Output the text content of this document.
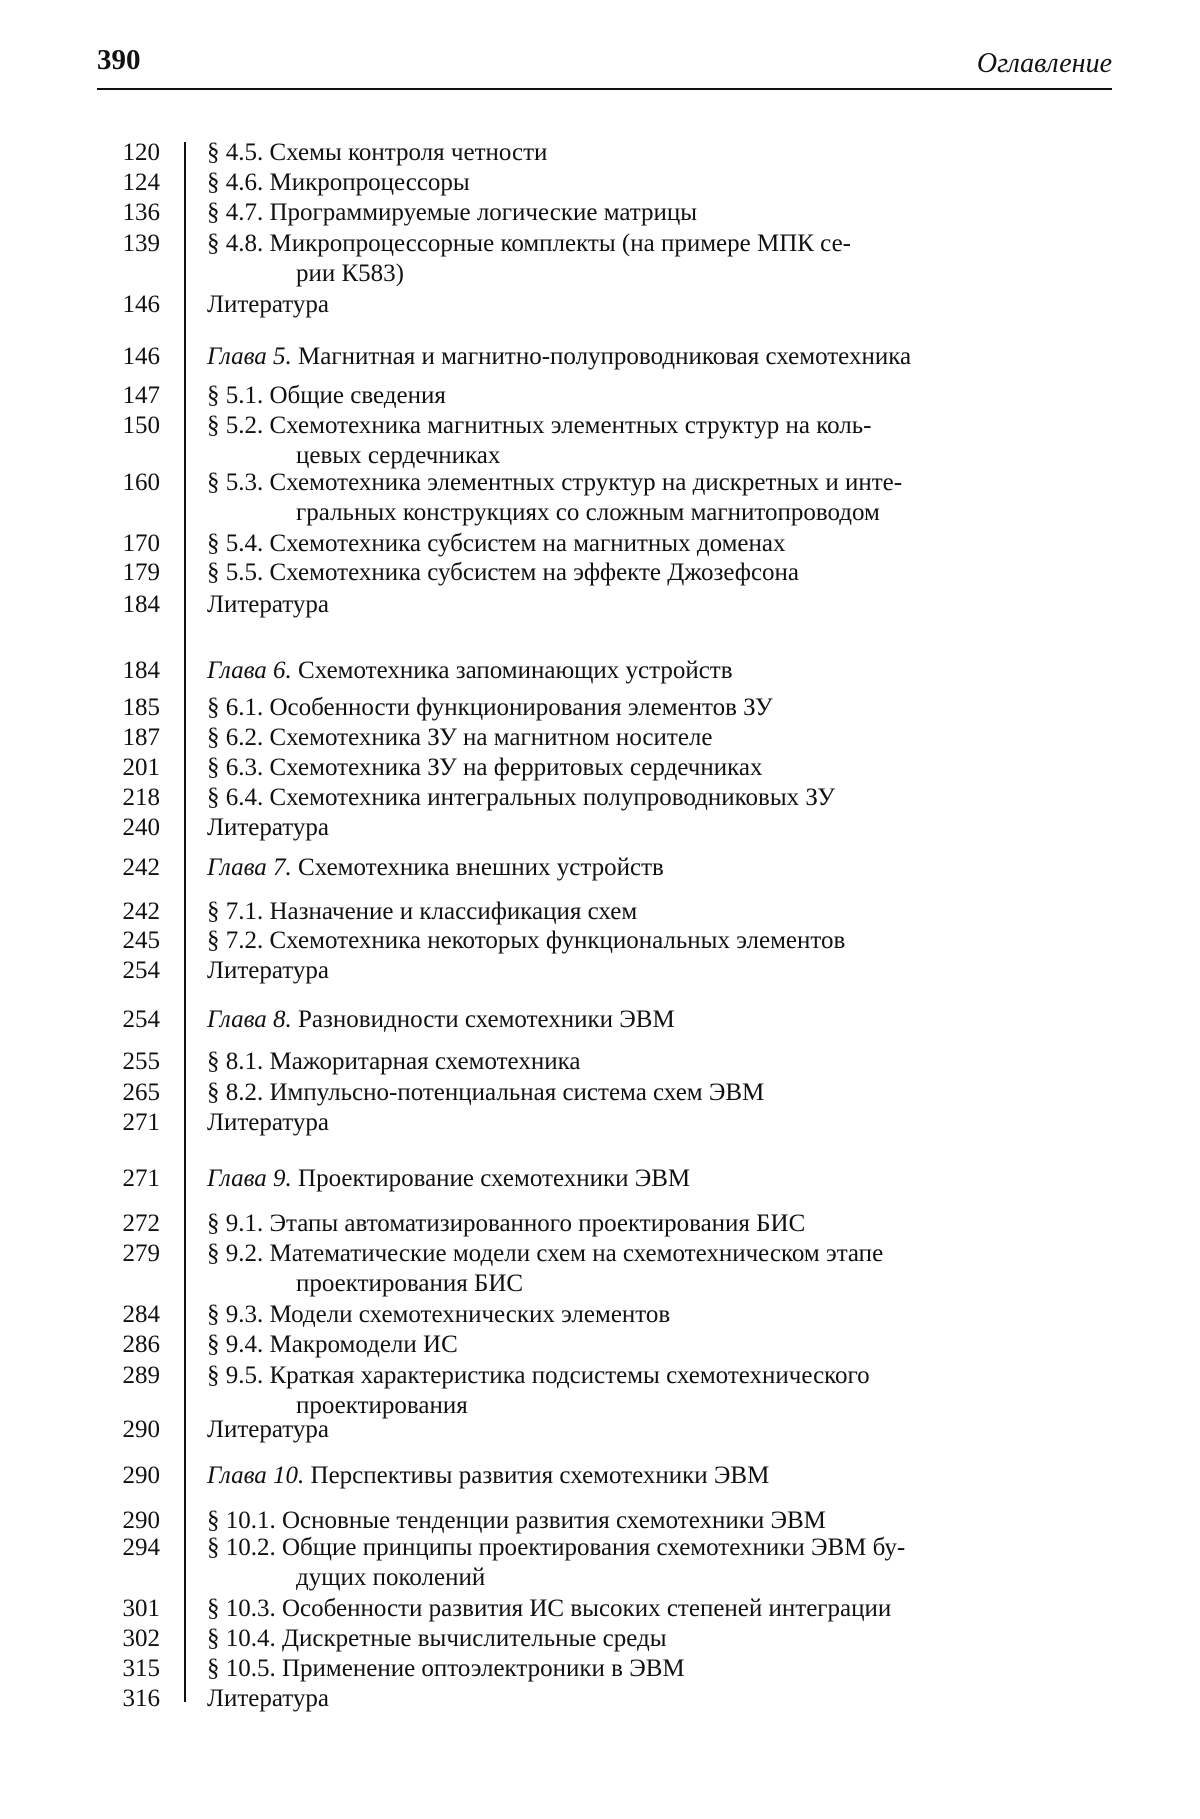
390	Оглавление
120 § 4.5. Схемы контроля четности
124 § 4.6. Микропроцессоры
136 § 4.7. Программируемые логические матрицы
139 § 4.8. Микропроцессорные комплекты (на примере МПК се-
рии К583)
146 Литература
146 Глава 5. Магнитная и магнитно-полупроводниковая схемотехника
147 § 5.1. Общие сведения
150 § 5.2. Схемотехника магнитных элементных структур на коль-
цевых сердечниках
160 § 5.3. Схемотехника элементных структур на дискретных и инте-
гральных конструкциях со сложным магнитопроводом
170 § 5.4. Схемотехника субсистем на магнитных доменах
179 § 5.5. Схемотехника субсистем на эффекте Джозефсона
184 Литература
184 Глава 6. Схемотехника запоминающих устройств
185 § 6.1. Особенности функционирования элементов ЗУ
187 § 6.2. Схемотехника ЗУ на магнитном носителе
201 § 6.3. Схемотехника ЗУ на ферритовых сердечниках
218 § 6.4. Схемотехника интегральных полупроводниковых ЗУ
240 Литература
242 Глава 7. Схемотехника внешних устройств
242 § 7.1. Назначение и классификация схем
245 § 7.2. Схемотехника некоторых функциональных элементов
254 Литература
254 Глава 8. Разновидности схемотехники ЭВМ
255 § 8.1. Мажоритарная схемотехника
265 § 8.2. Импульсно-потенциальная система схем ЭВМ
271 Литература
271 Глава 9. Проектирование схемотехники ЭВМ
272 § 9.1. Этапы автоматизированного проектирования БИС
279 § 9.2. Математические модели схем на схемотехническом этапе
проектирования БИС
284 § 9.3. Модели схемотехнических элементов
286 § 9.4. Макромодели ИС
289 § 9.5. Краткая характеристика подсистемы схемотехнического
проектирования
290 Литература
290 Глава 10. Перспективы развития схемотехники ЭВМ
290 § 10.1. Основные тенденции развития схемотехники ЭВМ
294 § 10.2. Общие принципы проектирования схемотехники ЭВМ бу-
дущих поколений
301 § 10.3. Особенности развития ИС высоких степеней интеграции
302 § 10.4. Дискретные вычислительные среды
315 § 10.5. Применение оптоэлектроники в ЭВМ
316 Литература
